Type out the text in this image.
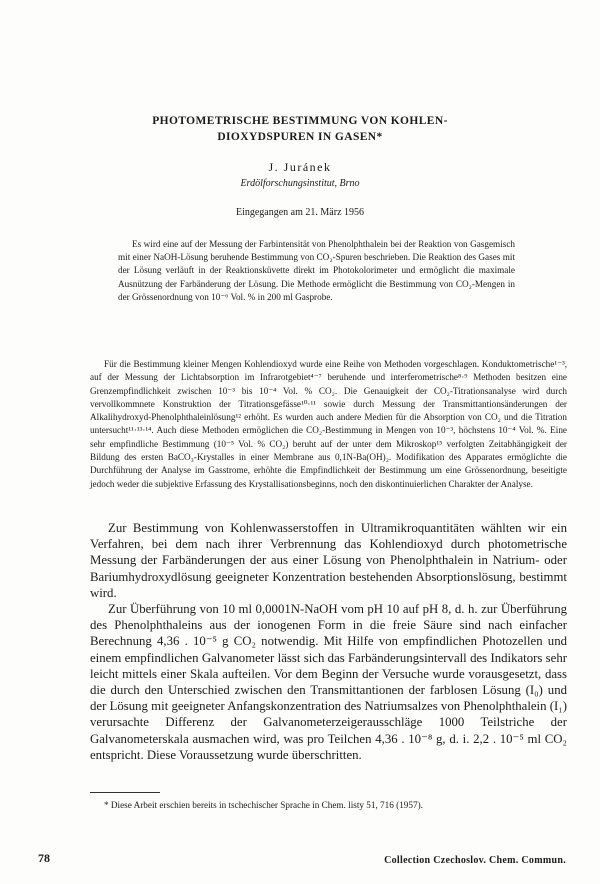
PHOTOMETRISCHE BESTIMMUNG VON KOHLEN-
DIOXYDSPUREN IN GASEN*
J. Juránek
Erdölforschungsinstitut, Brno
Eingegangen am 21. März 1956

Es wird eine auf der Messung der Farbintensität von Phenolphthalein bei der Reaktion von Gasgemisch mit einer NaOH-Lösung beruhende Bestimmung von CO₂-Spuren beschrieben. Die Reaktion des Gases mit der Lösung verläuft in der Reaktionsküvette direkt im Photokolorimeter und ermöglicht die maximale Ausnützung der Farbänderung der Lösung. Die Methode ermöglicht die Bestimmung von CO₂-Mengen in der Grössenordnung von 10⁻⁶ Vol. % in 200 ml Gasprobe.

Für die Bestimmung kleiner Mengen Kohlendioxyd wurde eine Reihe von Methoden vorgeschlagen. Konduktometrische¹⁻³, auf der Messung der Lichtabsorption im Infrarotgebiet⁴⁻⁷ beruhende und interferometrische⁸·⁹ Methoden besitzen eine Grenzempfindlichkeit zwischen 10⁻³ bis 10⁻⁴ Vol. % CO₂. Die Genauigkeit der CO₂-Titrationsanalyse wird durch vervollkommnete Konstruktion der Titrationsgefässe¹⁰·¹¹ sowie durch Messung der Transmittantionsänderungen der Alkalihydroxyd-Phenolphthaleinlösung¹² erhöht. Es wurden auch andere Medien für die Absorption von CO₂ und die Titration untersucht¹¹·¹³·¹⁴. Auch diese Methoden ermöglichen die CO₂-Bestimmung in Mengen von 10⁻³, höchstens 10⁻⁴ Vol. %. Eine sehr empfindliche Bestimmung (10⁻⁵ Vol. % CO₂) beruht auf der unter dem Mikroskop¹⁵ verfolgten Zeitabhängigkeit der Bildung des ersten BaCO₃-Krystalles in einer Membrane aus 0,1N-Ba(OH)₂. Modifikation des Apparates ermöglichte die Durchführung der Analyse im Gasstrome, erhöhte die Empfindlichkeit der Bestimmung um eine Grössenordnung, beseitigte jedoch weder die subjektive Erfassung des Krystallisationsbeginns, noch den diskontinuierlichen Charakter der Analyse.

Zur Bestimmung von Kohlenwasserstoffen in Ultramikroquantitäten wählten wir ein Verfahren, bei dem nach ihrer Verbrennung das Kohlendioxyd durch photometrische Messung der Farbänderungen der aus einer Lösung von Phenolphthalein in Natrium- oder Bariumhydroxydlösung geeigneter Konzentration bestehenden Absorptionslösung, bestimmt wird.

Zur Überführung von 10 ml 0,0001N-NaOH vom pH 10 auf pH 8, d. h. zur Überführung des Phenolphthaleins aus der ionogenen Form in die freie Säure sind nach einfacher Berechnung 4,36 . 10⁻⁵ g CO₂ notwendig. Mit Hilfe von empfindlichen Photozellen und einem empfindlichen Galvanometer lässt sich das Farbänderungsintervall des Indikators sehr leicht mittels einer Skala aufteilen. Vor dem Beginn der Versuche wurde vorausgesetzt, dass die durch den Unterschied zwischen den Transmittantionen der farblosen Lösung (I₀) und der Lösung mit geeigneter Anfangskonzentration des Natriumsalzes von Phenolphthalein (I₁) verursachte Differenz der Galvanometerzeigerausschläge 1000 Teilstriche der Galvanometerskala ausmachen wird, was pro Teilchen 4,36 . 10⁻⁸ g, d. i. 2,2 . 10⁻⁵ ml CO₂ entspricht. Diese Voraussetzung wurde überschritten.

* Diese Arbeit erschien bereits in tschechischer Sprache in Chem. listy 51, 716 (1957).

78	Collection Czechoslov. Chem. Commun.
